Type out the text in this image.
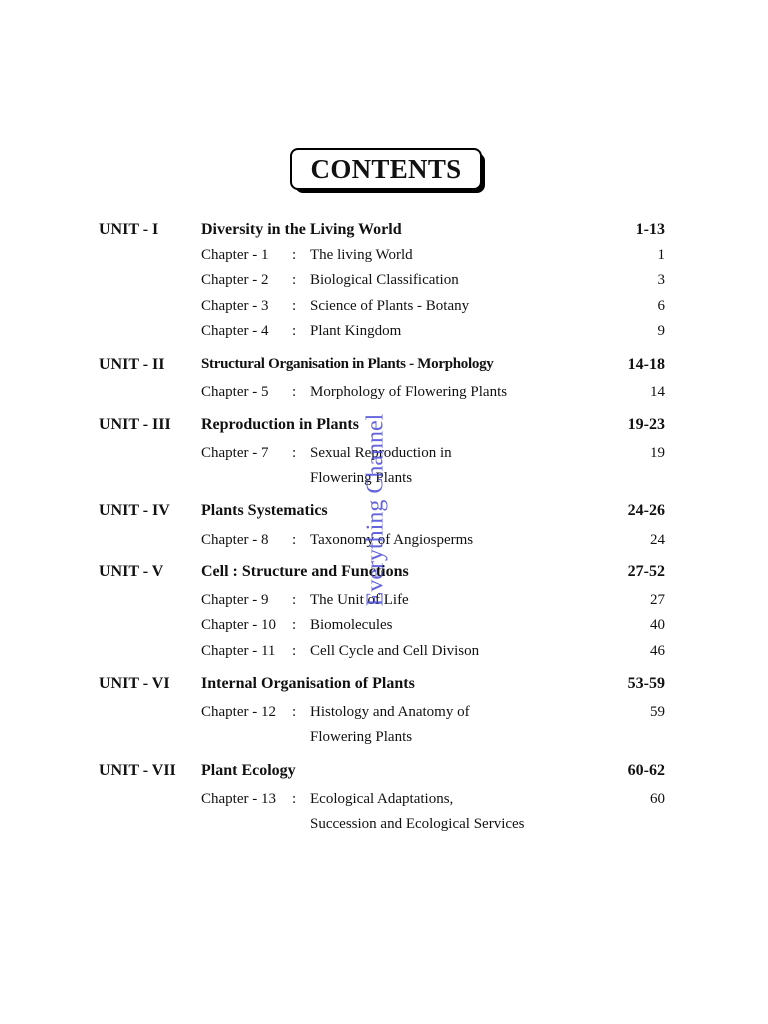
CONTENTS
UNIT - I	Diversity in the Living World	1-13
Chapter - 1 : The living World	1
Chapter - 2 : Biological Classification	3
Chapter - 3 : Science of Plants - Botany	6
Chapter - 4 : Plant Kingdom	9
UNIT - II Structural Organisation in Plants - Morphology	14-18
Chapter - 5 : Morphology of Flowering Plants	14
UNIT - III Reproduction in Plants	19-23
Chapter - 7 : Sexual Reproduction in	19
Flowering Plants
UNIT - IV Plants Systematics	24-26
Chapter - 8 : Taxonomy of Angiosperms	24
UNIT - V Cell : Structure and Functions	27-52
Chapter - 9 : The Unit of Life	27
Chapter - 10 : Biomolecules	40
Chapter - 11 : Cell Cycle and Cell Divison	46
UNIT - VI Internal Organisation of Plants	53-59
Chapter - 12 : Histology and Anatomy of	59
Flowering Plants
UNIT - VII Plant Ecology	60-62
Chapter - 13 : Ecological Adaptations,	60
Succession and Ecological Services
Everything Channel
